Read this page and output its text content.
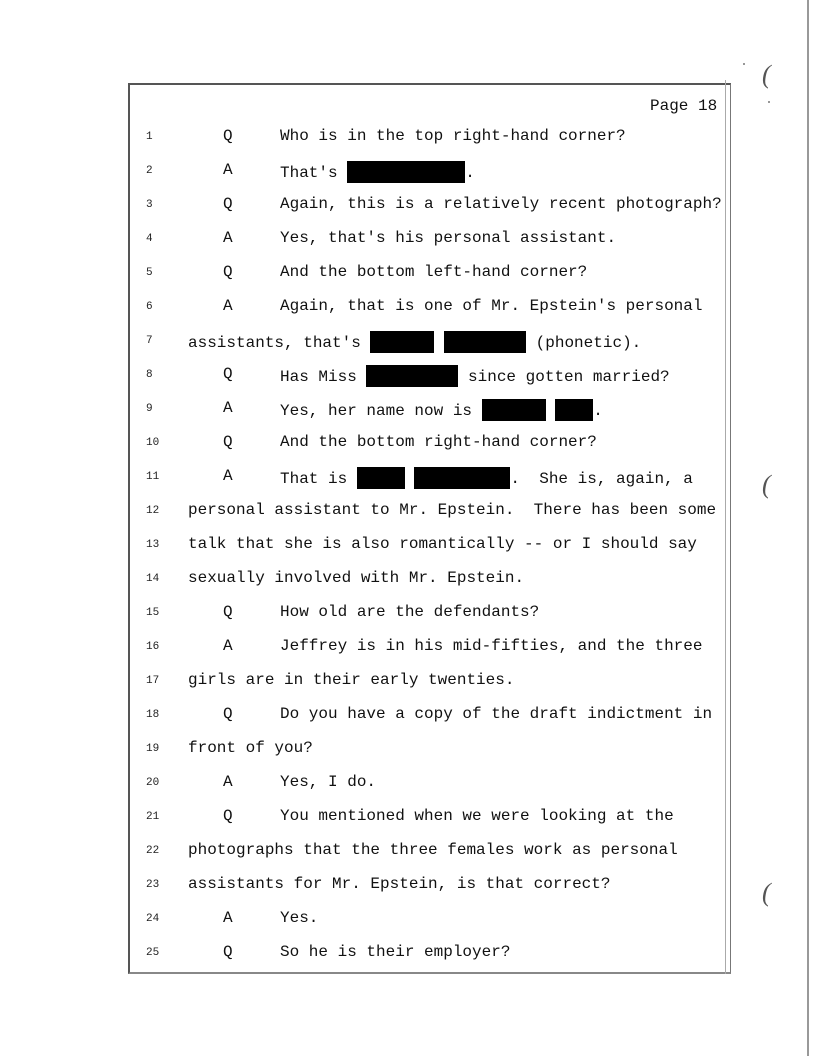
Page 18
1	Q	Who is in the top right-hand corner?
2	A	That's	.
3	Q	Again, this is a relatively recent photograph?
4	A	Yes, that's his personal assistant.
5	Q	And the bottom left-hand corner?
6	A	Again, that is one of Mr. Epstein's personal
7 assistants, that's	(phonetic).
8	Q	Has Miss	since gotten married?
9	A	Yes, her name now is	.
10	Q	And the bottom right-hand corner?
11	A	That is	.  She is, again, a
12 personal assistant to Mr. Epstein.  There has been some
13 talk that she is also romantically -- or I should say
14 sexually involved with Mr. Epstein.
15	Q	How old are the defendants?
16	A	Jeffrey is in his mid-fifties, and the three
17 girls are in their early twenties.
18	Q	Do you have a copy of the draft indictment in
19 front of you?
20	A	Yes, I do.
21	Q	You mentioned when we were looking at the
22 photographs that the three females work as personal
23 assistants for Mr. Epstein, is that correct?
24	A	Yes.
25	Q	So he is their employer?
(
(
(
